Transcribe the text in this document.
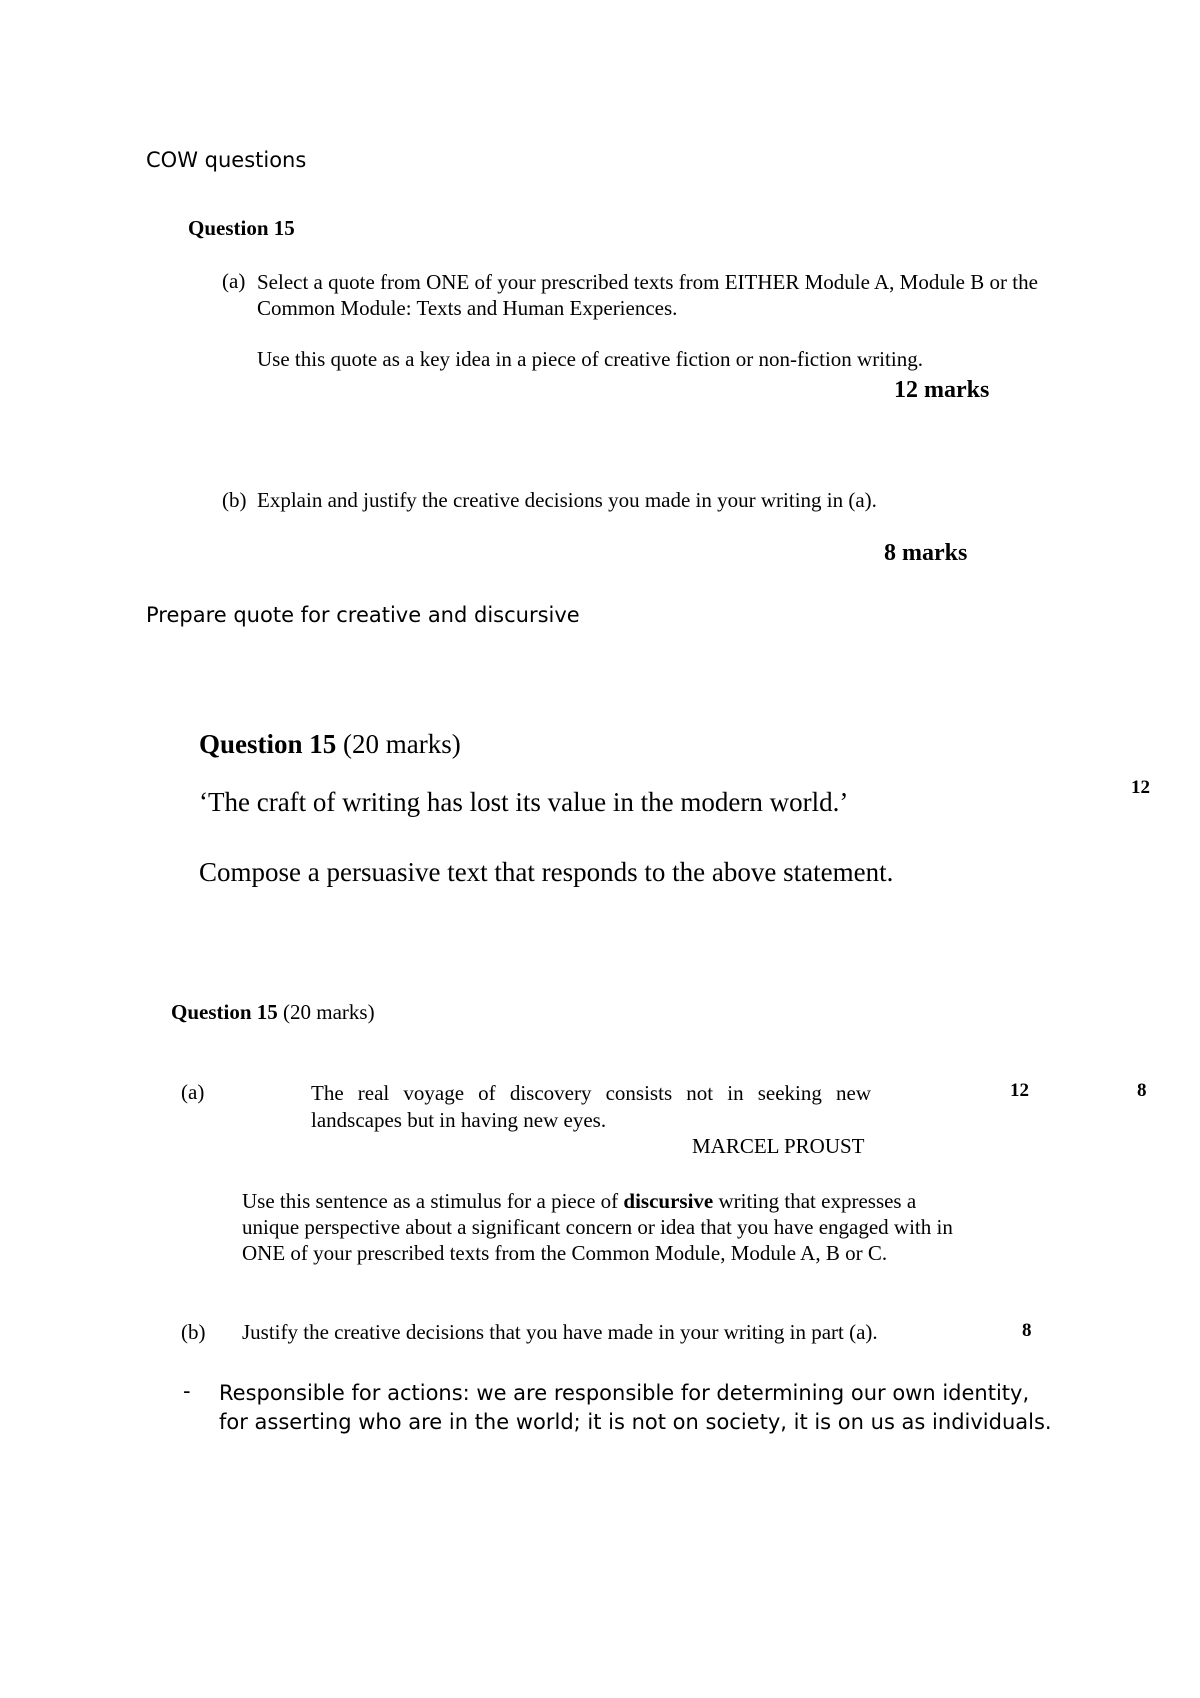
COW questions
Question 15
(a) Select a quote from ONE of your prescribed texts from EITHER Module A, Module B or the Common Module: Texts and Human Experiences.
Use this quote as a key idea in a piece of creative fiction or non-fiction writing.
12 marks
(b) Explain and justify the creative decisions you made in your writing in (a).
8 marks
Prepare quote for creative and discursive
Question 15 (20 marks)
‘The craft of writing has lost its value in the modern world.’
Compose a persuasive text that responds to the above statement.
12
Question 15 (20 marks)
(a)	The real voyage of discovery consists not in seeking new landscapes but in having new eyes.
MARCEL PROUST
12	8
Use this sentence as a stimulus for a piece of discursive writing that expresses a unique perspective about a significant concern or idea that you have engaged with in ONE of your prescribed texts from the Common Module, Module A, B or C.
(b) Justify the creative decisions that you have made in your writing in part (a).	8
- Responsible for actions: we are responsible for determining our own identity, for asserting who are in the world; it is not on society, it is on us as individuals.
